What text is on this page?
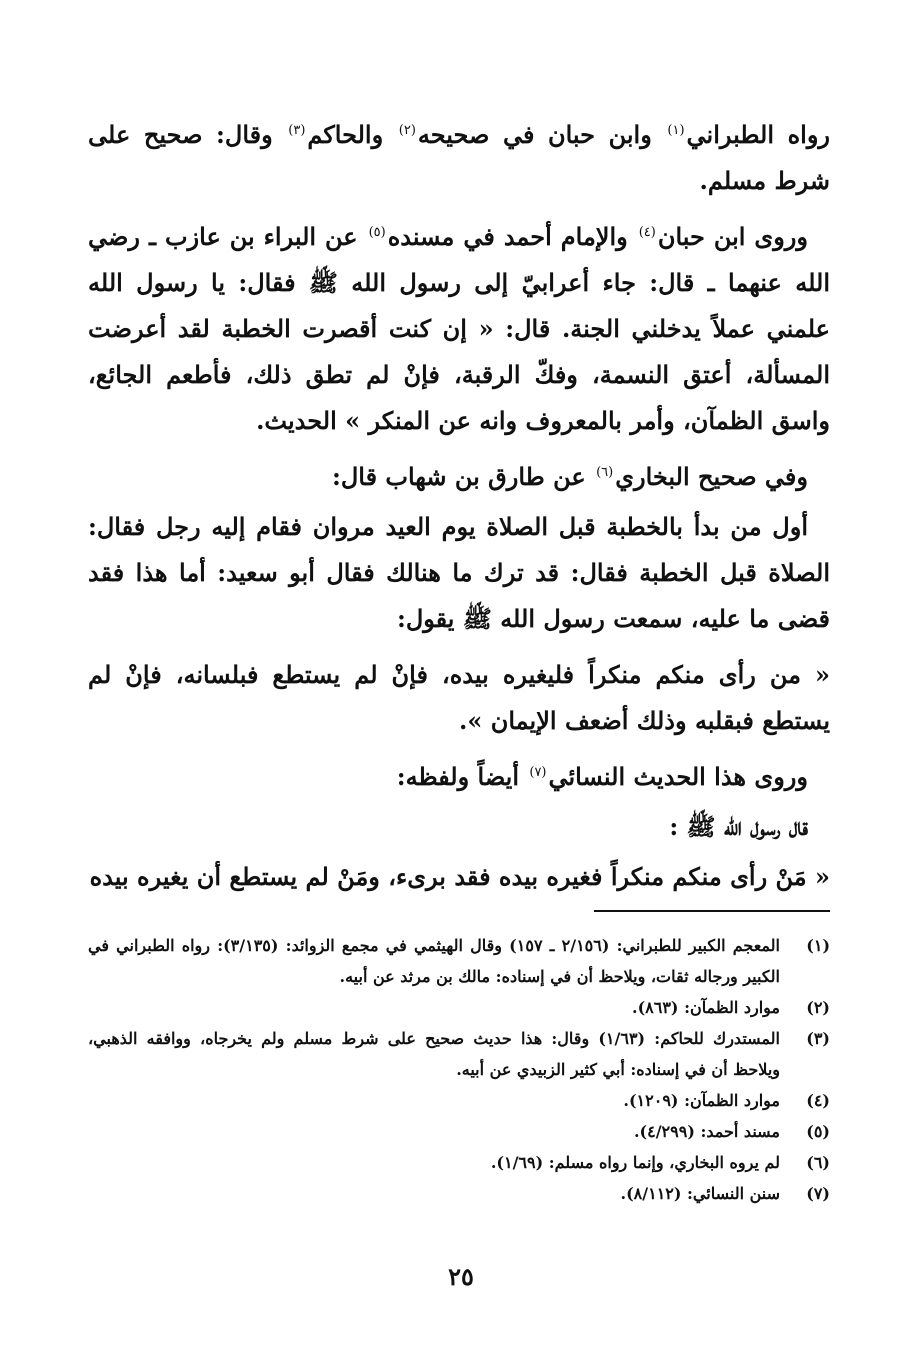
رواه الطبراني$^{(١)}$ وابن حبان في صحيحه$^{(٢)}$ والحاكم$^{(٣)}$ وقال: صحيح على شرط مسلم.

وروى ابن حبان$^{(٤)}$ والإمام أحمد في مسنده$^{(٥)}$ عن البراء بن عازب ـ رضي الله عنهما ـ قال: جاء أعرابيّ إلى رسول الله ﷺ فقال: يا رسول الله علمني عملاً يدخلني الجنة. قال: « إن كنت أقصرت الخطبة لقد أعرضت المسألة، أعتق النسمة، وفكّ الرقبة، فإنْ لم تطق ذلك، فأطعم الجائع، واسق الظمآن، وأمر بالمعروف وانه عن المنكر » الحديث.

وفي صحيح البخاري$^{(٦)}$ عن طارق بن شهاب قال:

أول من بدأ بالخطبة قبل الصلاة يوم العيد مروان فقام إليه رجل فقال: الصلاة قبل الخطبة فقال: قد ترك ما هنالك فقال أبو سعيد: أما هذا فقد قضى ما عليه، سمعت رسول الله ﷺ يقول:

« من رأى منكم منكراً فليغيره بيده، فإنْ لم يستطع فبلسانه، فإنْ لم يستطع فبقلبه وذلك أضعف الإيمان ».

وروى هذا الحديث النسائي$^{(٧)}$ أيضاً ولفظه:

قال رسول الله ﷺ :

« مَنْ رأى منكم منكراً فغيره بيده فقد برىء، ومَنْ لم يستطع أن يغيره بيده

(١)المعجم الكبير للطبراني: (٢/١٥٦ ـ ١٥٧) وقال الهيثمي في مجمع الزوائد: (٣/١٣٥): رواه الطبراني في الكبير ورجاله ثقات، ويلاحظ أن في إسناده: مالك بن مرثد عن أبيه.

(٢)موارد الظمآن: (٨٦٣).

(٣)المستدرك للحاكم: (١/٦٣) وقال: هذا حديث صحيح على شرط مسلم ولم يخرجاه، ووافقه الذهبي، ويلاحظ أن في إسناده: أبي كثير الزبيدي عن أبيه.

(٤)موارد الظمآن: (١٢٠٩).

(٥)مسند أحمد: (٤/٢٩٩).

(٦)لم يروه البخاري، وإنما رواه مسلم: (١/٦٩).

(٧)سنن النسائي: (٨/١١٢).

٢٥
